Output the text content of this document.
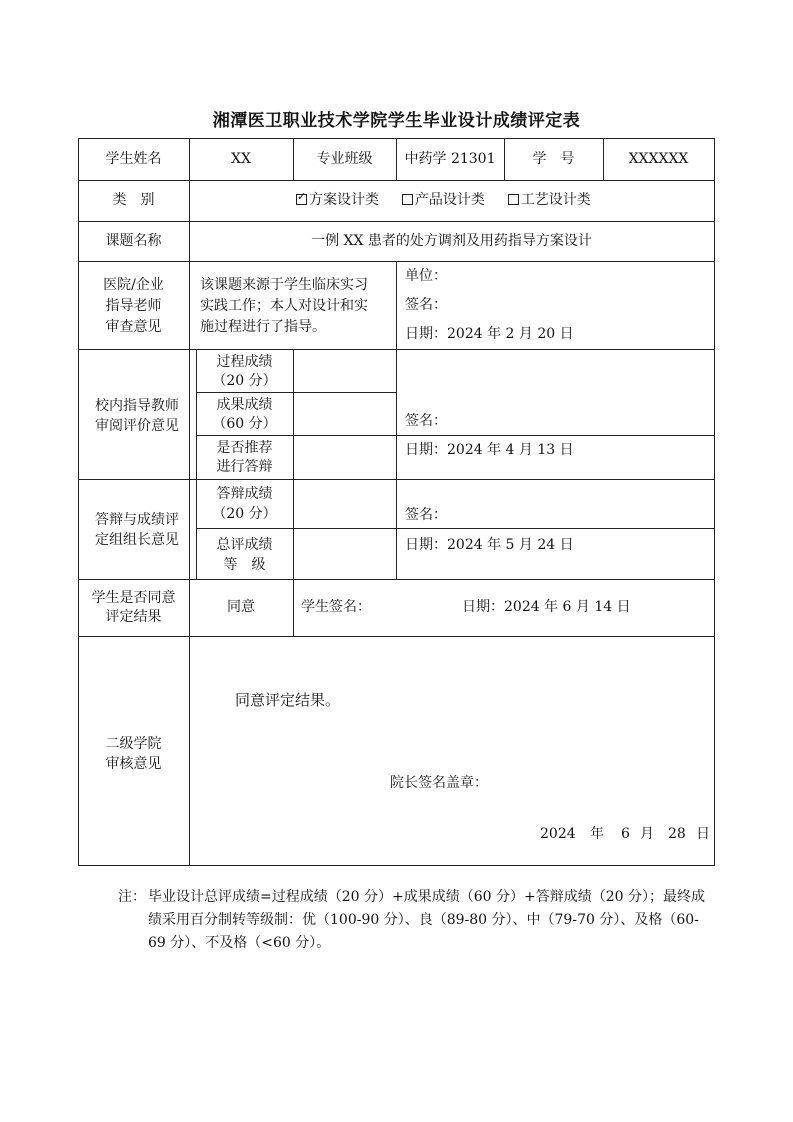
湘潭医卫职业技术学院学生毕业设计成绩评定表
学生姓名	XX	专业班级	中药学 21301	学　号	XXXXXX
类　别
✓	方案设计类	产品设计类	工艺设计类
课题名称	一例 XX 患者的处方调剂及用药指导方案设计
医院/企业
指导老师
审查意见
该课题来源于学生临床实习
实践工作；本人对设计和实
施过程进行了指导。
单位：
签名：
日期：2024 年 2 月 20 日
校内指导教师
审阅评价意见
过程成绩
（20 分）
成果成绩
（60 分）
是否推荐
进行答辩
签名：
日期：2024 年 4 月 13 日
答辩与成绩评
定组组长意见
答辩成绩
（20 分）
总评成绩
等　级
签名：
日期：2024 年 5 月 24 日
学生是否同意
评定结果
同意	学生签名：	日期：2024 年 6 月 14 日
二级学院
审核意见
同意评定结果。
院长签名盖章：
2024 年 6 月 28 日
注： 毕业设计总评成绩=过程成绩（20 分）+成果成绩（60 分）+答辩成绩（20 分）；最终成绩采用百分制转等级制：优（100-90 分）、良（89-80 分）、中（79-70 分）、及格（60-69 分）、不及格（<60 分）。
